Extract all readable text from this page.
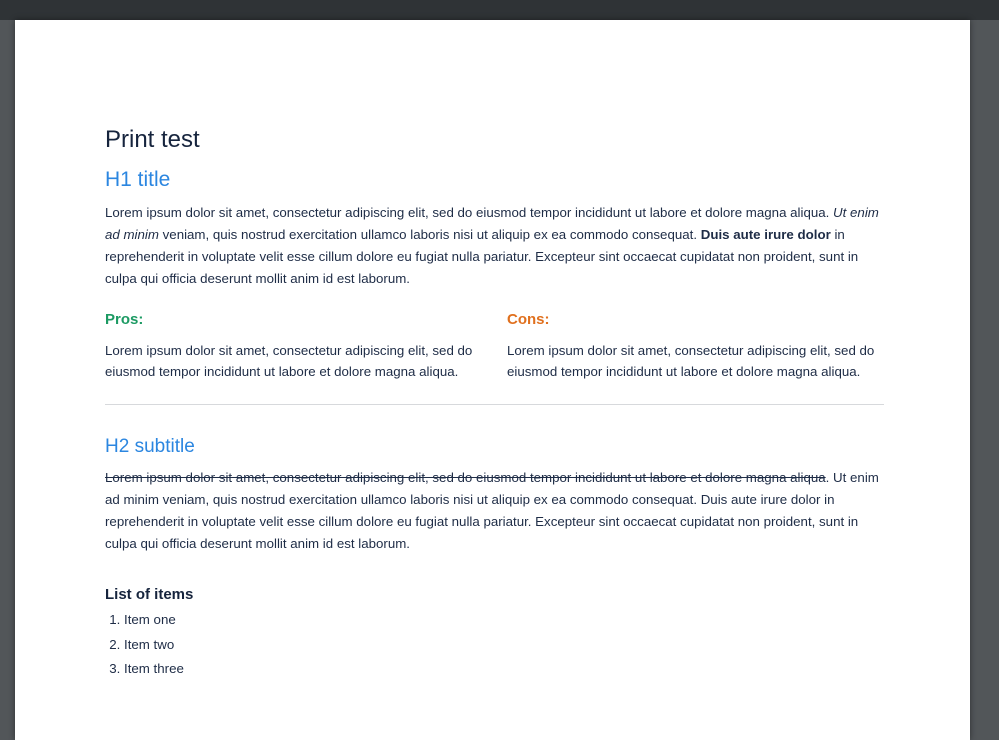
Print test
H1 title

Lorem ipsum dolor sit amet, consectetur adipiscing elit, sed do eiusmod tempor incididunt ut labore et dolore magna aliqua. Ut enim ad minim veniam, quis nostrud exercitation ullamco laboris nisi ut aliquip ex ea commodo consequat. Duis aute irure dolor in reprehenderit in voluptate velit esse cillum dolore eu fugiat nulla pariatur. Excepteur sint occaecat cupidatat non proident, sunt in culpa qui officia deserunt mollit anim id est laborum.

Pros:

Lorem ipsum dolor sit amet, consectetur adipiscing elit, sed do eiusmod tempor incididunt ut labore et dolore magna aliqua.

Cons:

Lorem ipsum dolor sit amet, consectetur adipiscing elit, sed do eiusmod tempor incididunt ut labore et dolore magna aliqua.

H2 subtitle

Lorem ipsum dolor sit amet, consectetur adipiscing elit, sed do eiusmod tempor incididunt ut labore et dolore magna aliqua. Ut enim ad minim veniam, quis nostrud exercitation ullamco laboris nisi ut aliquip ex ea commodo consequat. Duis aute irure dolor in reprehenderit in voluptate velit esse cillum dolore eu fugiat nulla pariatur. Excepteur sint occaecat cupidatat non proident, sunt in culpa qui officia deserunt mollit anim id est laborum.

List of items
1. Item one
2. Item two
3. Item three
